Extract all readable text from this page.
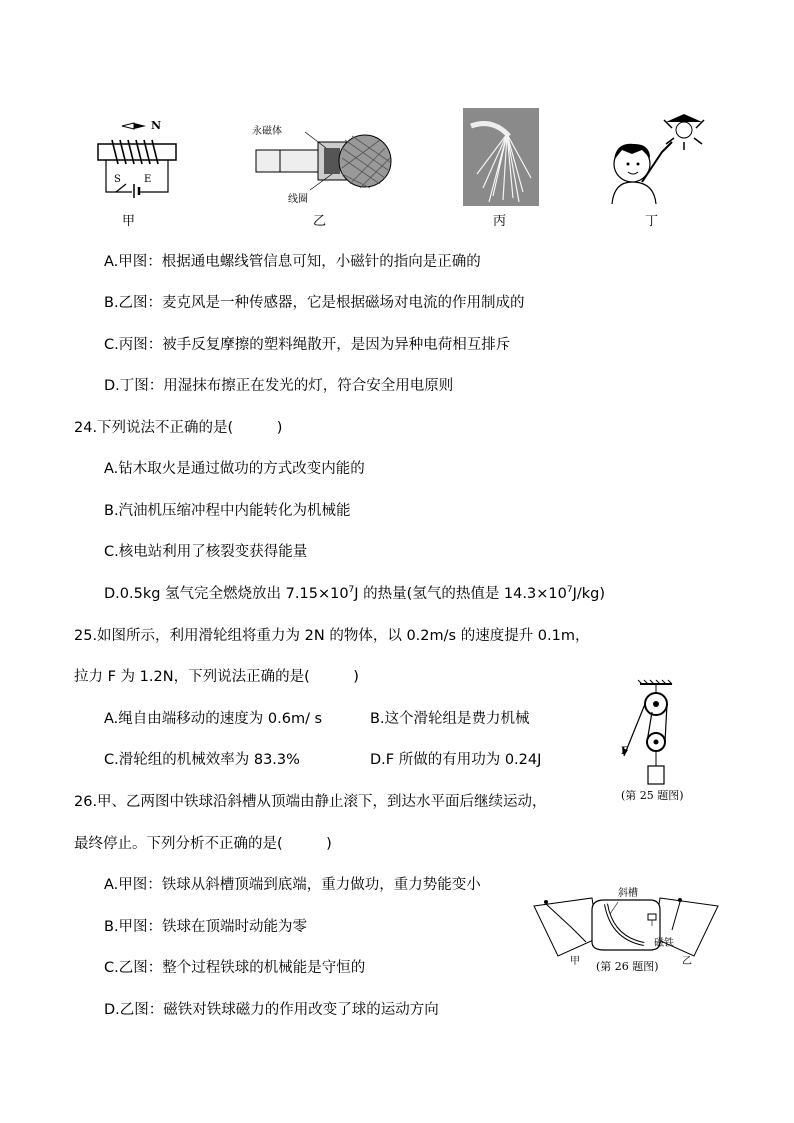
N
S E
甲
永磁体
线圈
乙	丙	丁
A.甲图：根据通电螺线管信息可知，小磁针的指向是正确的
B.乙图：麦克风是一种传感器，它是根据磁场对电流的作用制成的
C.丙图：被手反复摩擦的塑料绳散开，是因为异种电荷相互排斥
D.丁图：用湿抹布擦正在发光的灯，符合安全用电原则
24.下列说法不正确的是(　　　)
A.钻木取火是通过做功的方式改变内能的
B.汽油机压缩冲程中内能转化为机械能
C.核电站利用了核裂变获得能量
D.0.5kg 氢气完全燃烧放出 $7.15\times 10^7J$ 的热量(氢气的热值是 $14.3\times 10^7J/kg$)
25.如图所示，利用滑轮组将重力为 2N 的物体，以 0.2m/s 的速度提升 0.1m，
拉力 F 为 1.2N，下列说法正确的是(　　　)
A.绳自由端移动的速度为 0.6m/ s	B.这个滑轮组是费力机械
C.滑轮组的机械效率为 83.3%	D.F 所做的有用功为 0.24J
F
(第 25 题图)
26.甲、乙两图中铁球沿斜槽从顶端由静止滚下，到达水平面后继续运动，
最终停止。下列分析不正确的是(　　　)
A.甲图：铁球从斜槽顶端到底端，重力做功，重力势能变小
B.甲图：铁球在顶端时动能为零
C.乙图：整个过程铁球的机械能是守恒的
D.乙图：磁铁对铁球磁力的作用改变了球的运动方向
斜槽
磁铁
甲	乙
(第 26 题图)
